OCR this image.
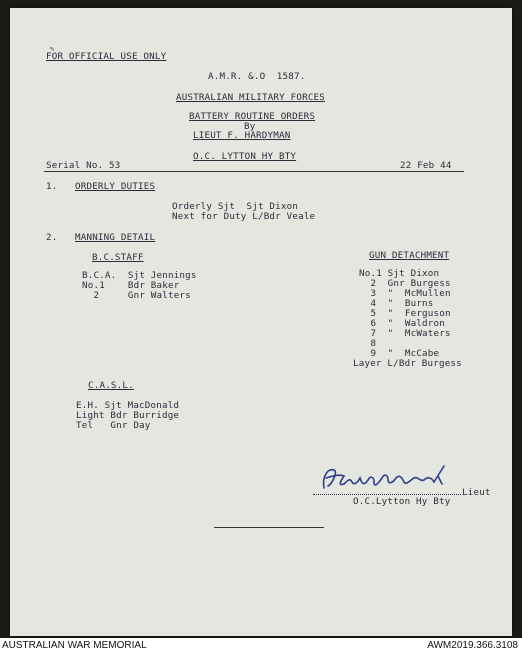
✎
FOR OFFICIAL USE ONLY
A.M.R. &.O  1587.
AUSTRALIAN MILITARY FORCES
BATTERY ROUTINE ORDERS
By
LIEUT F. HARDYMAN
O.C. LYTTON HY BTY
Serial No. 53	22 Feb 44
1. ORDERLY DUTIES
Orderly Sjt  Sjt Dixon
Next for Duty L/Bdr Veale
2. MANNING DETAIL
B.C.STAFF
B.C.A.  Sjt Jennings
No.1    Bdr Baker
2     Gnr Walters
GUN DETACHMENT
No.1 Sjt Dixon
2  Gnr Burgess
3  "  McMullen
4  "  Burns
5  "  Ferguson
6  "  Waldron
7  "  McWaters
8
9  "  McCabe
Layer L/Bdr Burgess
C.A.S.L.
E.H. Sjt MacDonald
Light Bdr Burridge
Tel   Gnr Day
Lieut
O.C.Lytton Hy Bty
AUSTRALIAN WAR MEMORIAL	AWM2019.366.3108
